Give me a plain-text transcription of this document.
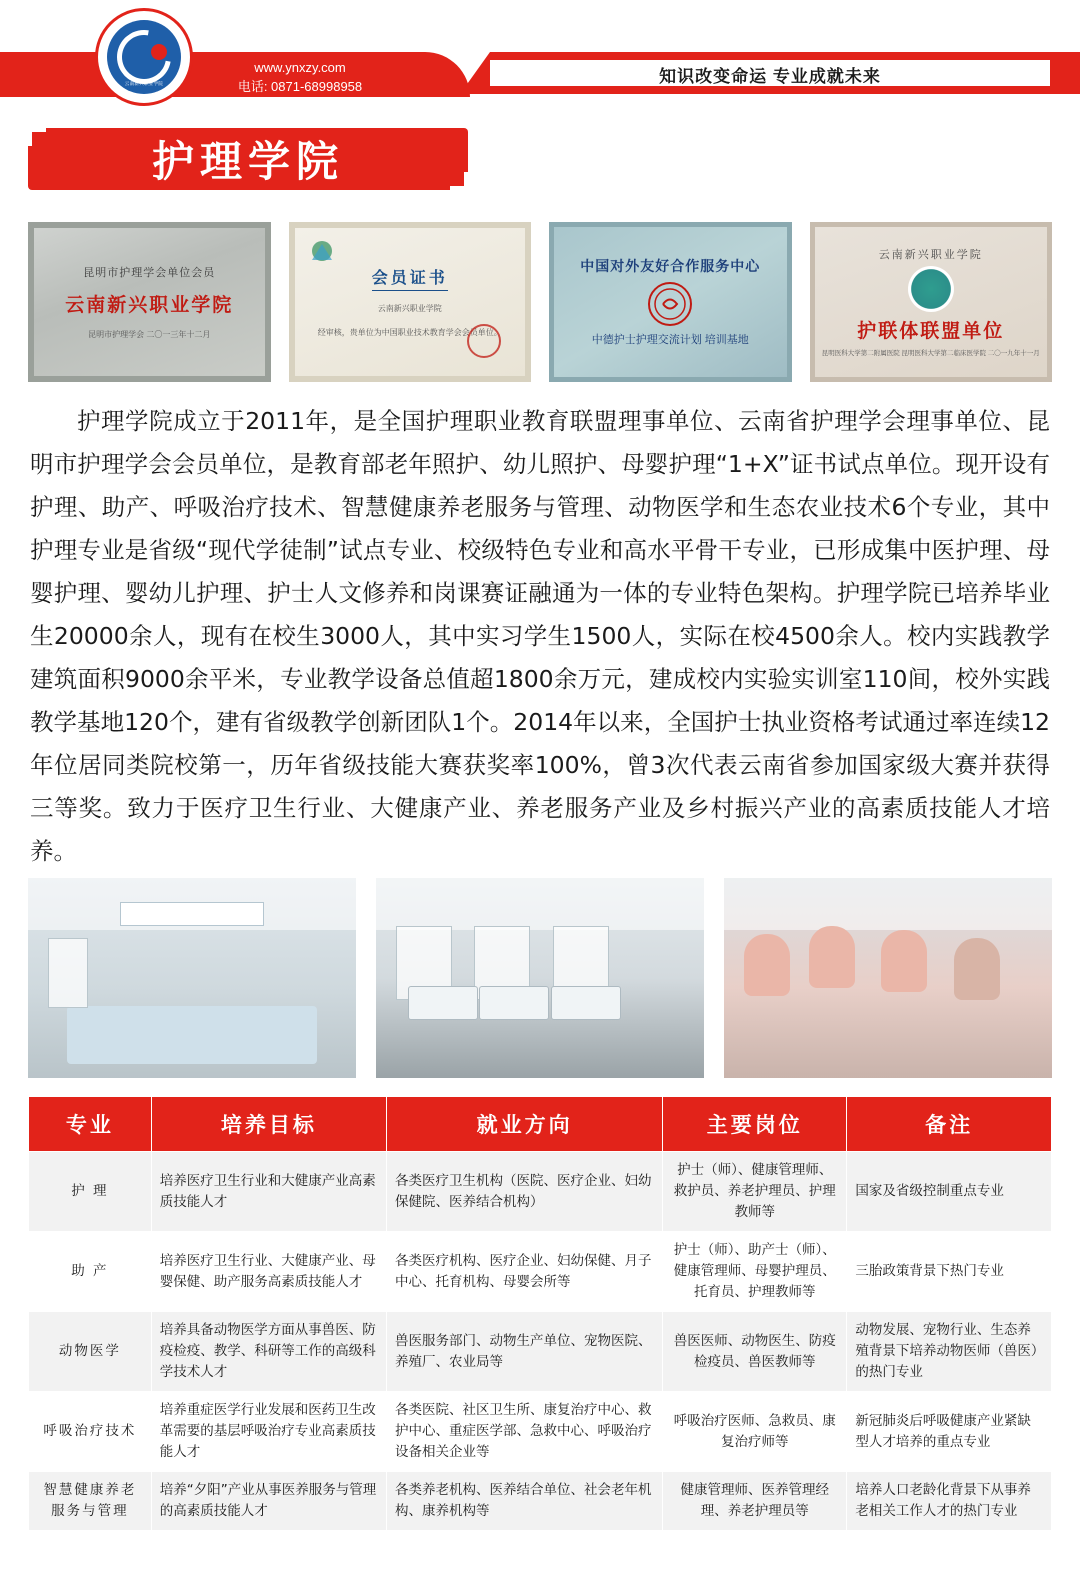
知识改变命运 专业成就未来
云南新兴职业学院
www.ynxzy.com
电话: 0871-68998958
护理学院
昆明市护理学会单位会员
云南新兴职业学院
昆明市护理学会 二〇一三年十二月
会员证书
云南新兴职业学院
经审核，贵单位为中国职业技术教育学会会员单位。
中国对外友好合作服务中心
中德护士护理交流计划 培训基地
云南新兴职业学院
护联体联盟单位
昆明医科大学第二附属医院 昆明医科大学第二临床医学院 二〇一九年十一月
护理学院成立于2011年，是全国护理职业教育联盟理事单位、云南省护理学会理事单位、昆明市护理学会会员单位，是教育部老年照护、幼儿照护、母婴护理“1+X”证书试点单位。现开设有护理、助产、呼吸治疗技术、智慧健康养老服务与管理、动物医学和生态农业技术6个专业，其中护理专业是省级“现代学徒制”试点专业、校级特色专业和高水平骨干专业，已形成集中医护理、母婴护理、婴幼儿护理、护士人文修养和岗课赛证融通为一体的专业特色架构。护理学院已培养毕业生20000余人，现有在校生3000人，其中实习学生1500人，实际在校4500余人。校内实践教学建筑面积9000余平米，专业教学设备总值超1800余万元，建成校内实验实训室110间，校外实践教学基地120个，建有省级教学创新团队1个。2014年以来，全国护士执业资格考试通过率连续12年位居同类院校第一，历年省级技能大赛获奖率100%，曾3次代表云南省参加国家级大赛并获得三等奖。致力于医疗卫生行业、大健康产业、养老服务产业及乡村振兴产业的高素质技能人才培养。
专业	培养目标	就业方向	主要岗位	备注
护 理	培养医疗卫生行业和大健康产业高素质技能人才	各类医疗卫生机构（医院、医疗企业、妇幼保健院、医养结合机构）	护士（师）、健康管理师、救护员、养老护理员、护理教师等	国家及省级控制重点专业
助 产	培养医疗卫生行业、大健康产业、母婴保健、助产服务高素质技能人才	各类医疗机构、医疗企业、妇幼保健、月子中心、托育机构、母婴会所等	护士（师）、助产士（师）、健康管理师、母婴护理员、托育员、护理教师等	三胎政策背景下热门专业
动物医学	培养具备动物医学方面从事兽医、防疫检疫、教学、科研等工作的高级科学技术人才	兽医服务部门、动物生产单位、宠物医院、养殖厂、农业局等	兽医医师、动物医生、防疫检疫员、兽医教师等	动物发展、宠物行业、生态养殖背景下培养动物医师（兽医）的热门专业
呼吸治疗技术	培养重症医学行业发展和医药卫生改革需要的基层呼吸治疗专业高素质技能人才	各类医院、社区卫生所、康复治疗中心、救护中心、重症医学部、急救中心、呼吸治疗设备相关企业等	呼吸治疗医师、急救员、康复治疗师等	新冠肺炎后呼吸健康产业紧缺型人才培养的重点专业
智慧健康养老服务与管理	培养“夕阳”产业从事医养服务与管理的高素质技能人才	各类养老机构、医养结合单位、社会老年机构、康养机构等	健康管理师、医养管理经理、养老护理员等	培养人口老龄化背景下从事养老相关工作人才的热门专业
